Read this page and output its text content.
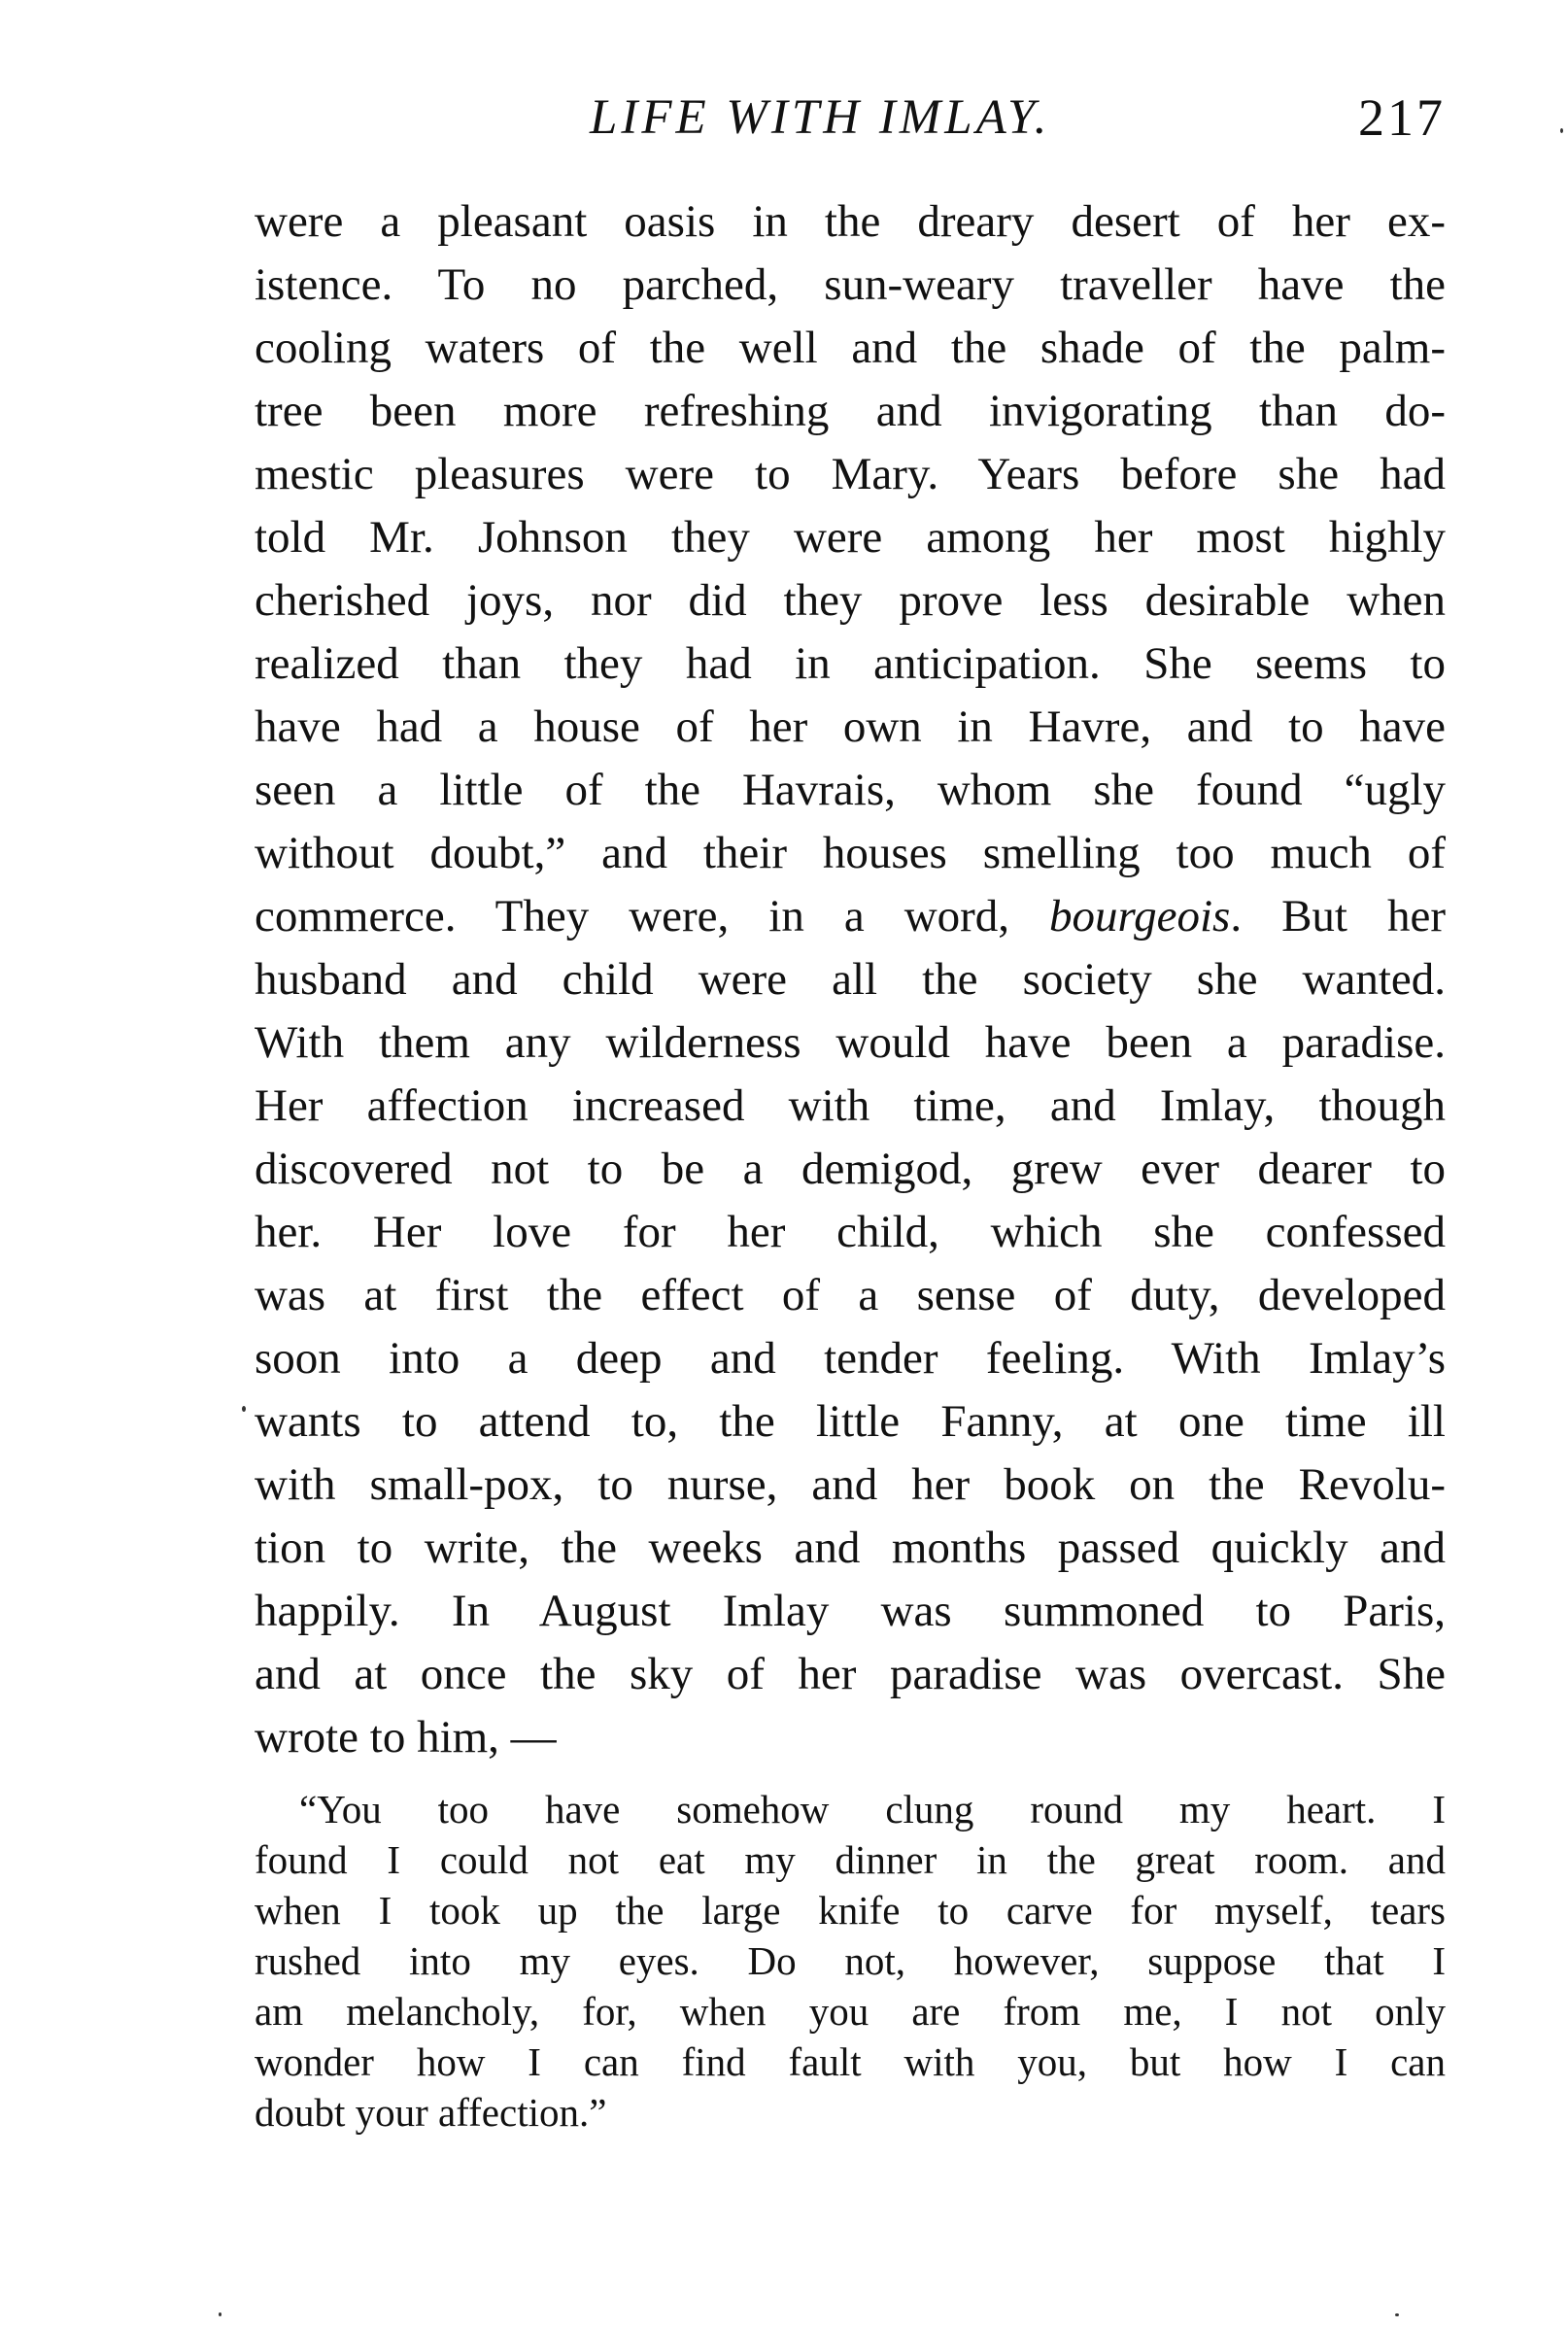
LIFE WITH IMLAY.	217
were a pleasant oasis in the dreary desert of her ex-
istence. To no parched, sun-weary traveller have the
cooling waters of the well and the shade of the palm-
tree been more refreshing and invigorating than do-
mestic pleasures were to Mary. Years before she had
told Mr. Johnson they were among her most highly
cherished joys, nor did they prove less desirable when
realized than they had in anticipation. She seems to
have had a house of her own in Havre, and to have
seen a little of the Havrais, whom she found “ugly
without doubt,” and their houses smelling too much of
commerce. They were, in a word, bourgeois. But her
husband and child were all the society she wanted.
With them any wilderness would have been a paradise.
Her affection increased with time, and Imlay, though
discovered not to be a demigod, grew ever dearer to
her. Her love for her child, which she confessed
was at first the effect of a sense of duty, developed
soon into a deep and tender feeling. With Imlay’s
wants to attend to, the little Fanny, at one time ill
with small-pox, to nurse, and her book on the Revolu-
tion to write, the weeks and months passed quickly and
happily. In August Imlay was summoned to Paris,
and at once the sky of her paradise was overcast. She
wrote to him, —
“You too have somehow clung round my heart. I
found I could not eat my dinner in the great room. and
when I took up the large knife to carve for myself, tears
rushed into my eyes. Do not, however, suppose that I
am melancholy, for, when you are from me, I not only
wonder how I can find fault with you, but how I can
doubt your affection.”
